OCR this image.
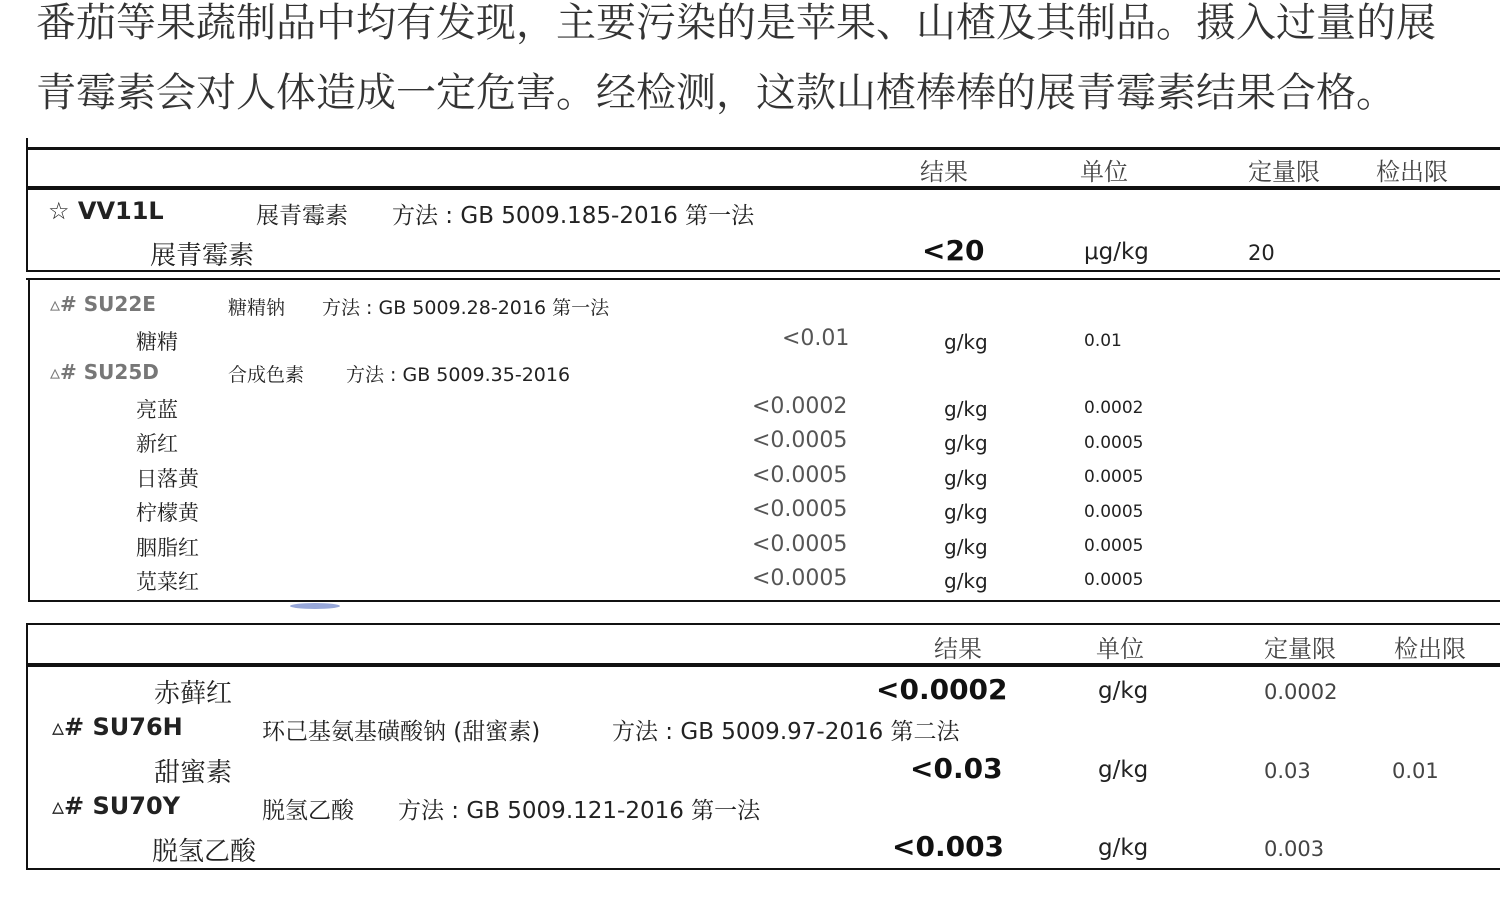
番茄等果蔬制品中均有发现，主要污染的是苹果、山楂及其制品。摄入过量的展
青霉素会对人体造成一定危害。经检测，这款山楂棒棒的展青霉素结果合格。
结果	单位	定量限 检出限
☆ VV11L	展青霉素 方法 : GB 5009.185-2016 第一法
展青霉素	<20	μg/kg	20
▵# SU22E	糖精钠 方法 : GB 5009.28-2016 第一法
糖精	<0.01	g/kg	0.01
▵# SU25D	合成色素 方法 : GB 5009.35-2016
亮蓝	<0.0002	g/kg	0.0002
新红	<0.0005	g/kg	0.0005
日落黄	<0.0005	g/kg	0.0005
柠檬黄	<0.0005	g/kg	0.0005
胭脂红	<0.0005	g/kg	0.0005
苋菜红	<0.0005	g/kg	0.0005
结果	单位	定量限 检出限
赤藓红	<0.0002	g/kg	0.0002
▵# SU76H	环己基氨基磺酸钠 (甜蜜素)	方法 : GB 5009.97-2016 第二法
甜蜜素	<0.03	g/kg	0.03	0.01
▵# SU70Y	脱氢乙酸 方法 : GB 5009.121-2016 第一法
脱氢乙酸	<0.003	g/kg	0.003
